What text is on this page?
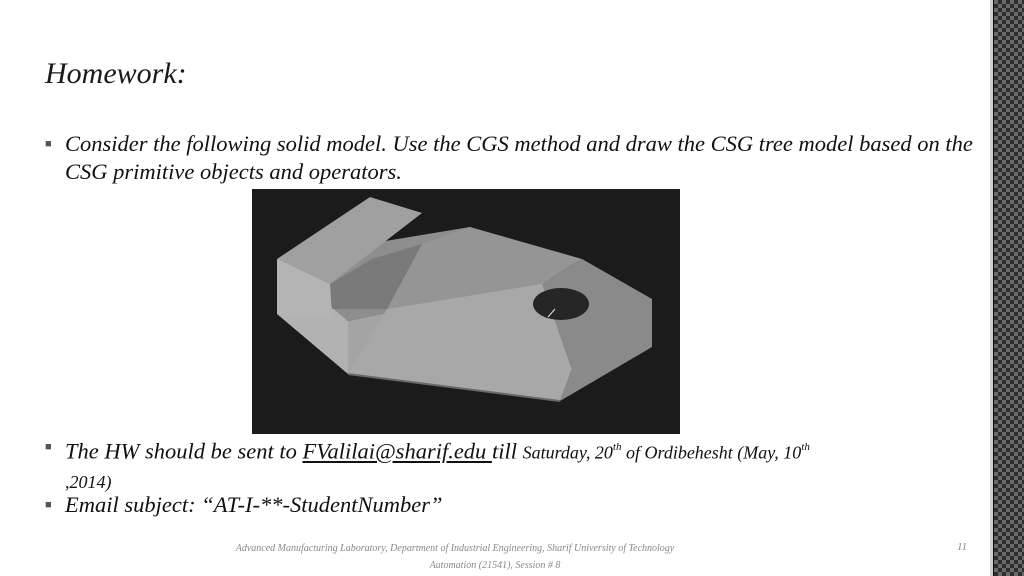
Homework:
■ Consider the following solid model. Use the CGS method and draw the CSG tree model based on the CSG primitive objects and operators.
■ The HW should be sent to FValilai@sharif.edu till Saturday, 20th of Ordibehesht (May, 10th
,2014)
■ Email subject: “AT-I-**-StudentNumber”
Advanced Manufacturing Laboratory, Department of Industrial Engineering, Sharif University of Technology
Automation (21541), Session # 8
11
